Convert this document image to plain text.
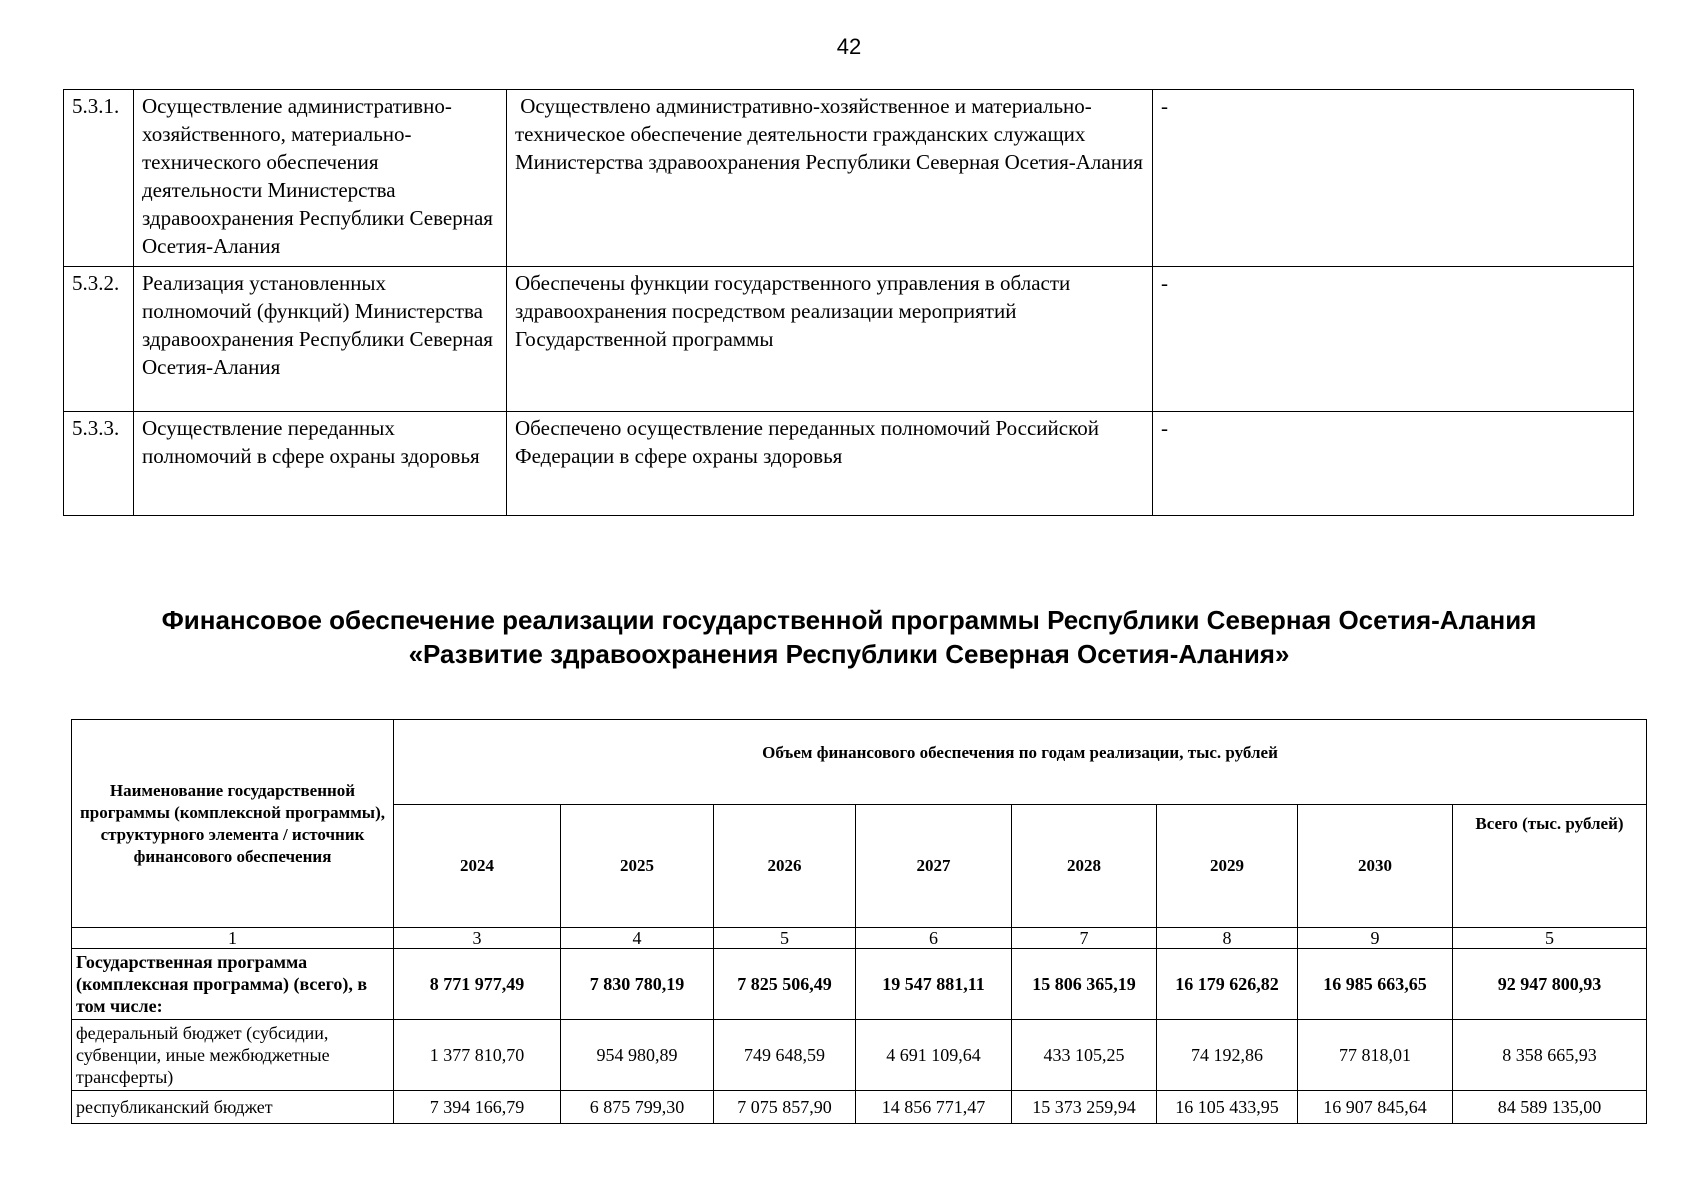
42
5.3.1.	Осуществление административно-хозяйственного, материально-технического обеспечения деятельности Министерства здравоохранения Республики Северная Осетия-Алания	Осуществлено административно-хозяйственное и материально-техническое обеспечение деятельности гражданских служащих Министерства здравоохранения Республики Северная Осетия-Алания	-
5.3.2.	Реализация установленных полномочий (функций) Министерства здравоохранения Республики Северная Осетия-Алания	Обеспечены функции государственного управления в области здравоохранения посредством реализации мероприятий Государственной программы	-
5.3.3.	Осуществление переданных полномочий в сфере охраны здоровья	Обеспечено осуществление переданных полномочий Российской Федерации в сфере охраны здоровья	-
Финансовое обеспечение реализации государственной программы Республики Северная Осетия-Алания
«Развитие здравоохранения Республики Северная Осетия-Алания»
Наименование государственной программы (комплексной программы), структурного элемента / источник финансового обеспечения	Объем финансового обеспечения по годам реализации, тыс. рублей							
	2024	2025	2026	2027	2028	2029	2030	Всего (тыс. рублей)
1	3	4	5	6	7	8	9	5
Государственная программа (комплексная программа) (всего), в том числе:	8 771 977,49	7 830 780,19	7 825 506,49	19 547 881,11	15 806 365,19	16 179 626,82	16 985 663,65	92 947 800,93
федеральный бюджет (субсидии, субвенции, иные межбюджетные трансферты)	1 377 810,70	954 980,89	749 648,59	4 691 109,64	433 105,25	74 192,86	77 818,01	8 358 665,93
республиканский бюджет	7 394 166,79	6 875 799,30	7 075 857,90	14 856 771,47	15 373 259,94	16 105 433,95	16 907 845,64	84 589 135,00
